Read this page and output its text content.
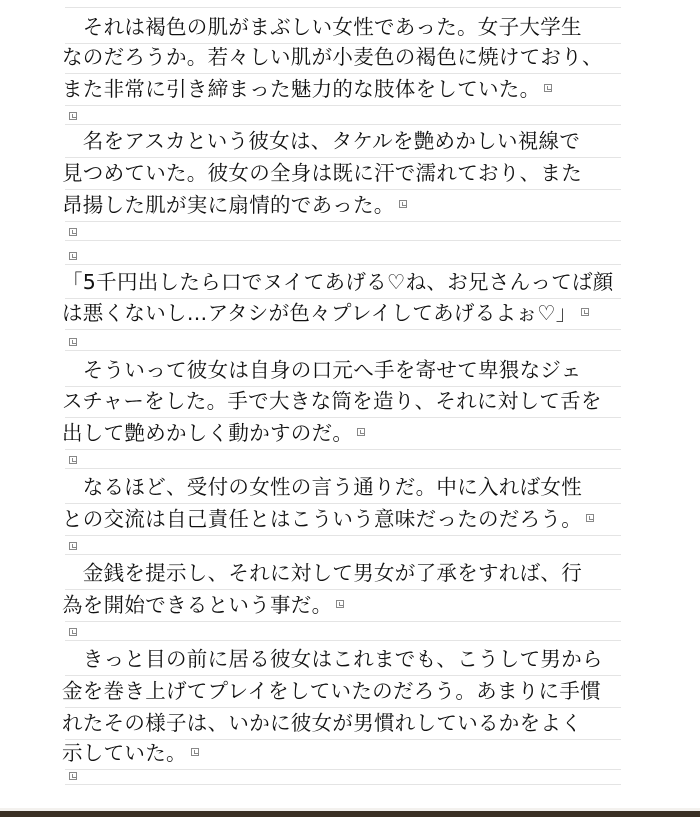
　それは褐色の肌がまぶしい女性であった。女子大学生
なのだろうか。若々しい肌が小麦色の褐色に焼けており、
また非常に引き締まった魅力的な肢体をしていた。
　名をアスカという彼女は、タケルを艶めかしい視線で
見つめていた。彼女の全身は既に汗で濡れており、また
昂揚した肌が実に扇情的であった。
「5千円出したら口でヌイてあげる♡ね、お兄さんってば顔
は悪くないし…アタシが色々プレイしてあげるよぉ♡」
　そういって彼女は自身の口元へ手を寄せて卑猥なジェ
スチャーをした。手で大きな筒を造り、それに対して舌を
出して艶めかしく動かすのだ。
　なるほど、受付の女性の言う通りだ。中に入れば女性
との交流は自己責任とはこういう意味だったのだろう。
　金銭を提示し、それに対して男女が了承をすれば、行
為を開始できるという事だ。
　きっと目の前に居る彼女はこれまでも、こうして男から
金を巻き上げてプレイをしていたのだろう。あまりに手慣
れたその様子は、いかに彼女が男慣れしているかをよく
示していた。
